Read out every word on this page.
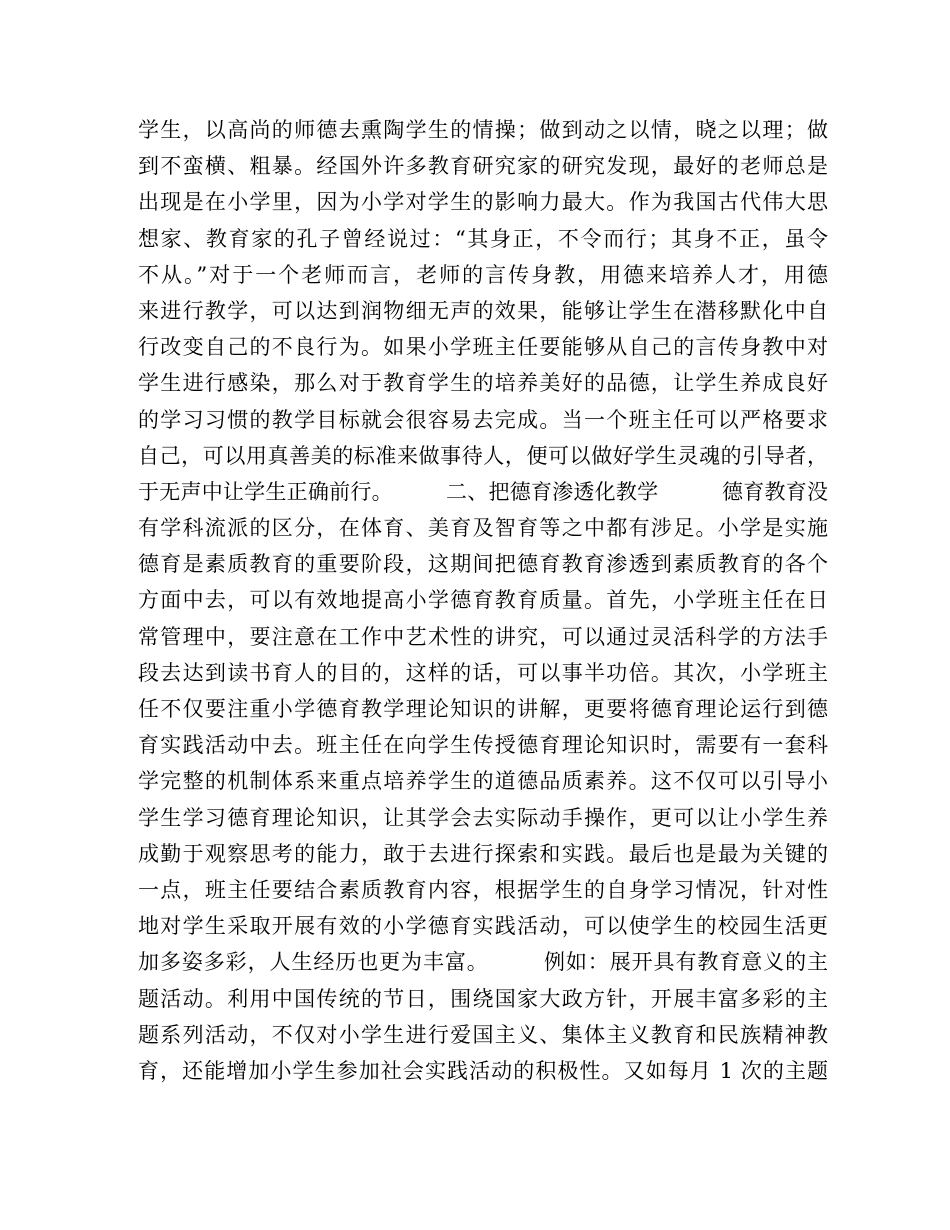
学生，以高尚的师德去熏陶学生的情操；做到动之以情，晓之以理；做
到不蛮横、粗暴。经国外许多教育研究家的研究发现，最好的老师总是
出现是在小学里，因为小学对学生的影响力最大。作为我国古代伟大思
想家、教育家的孔子曾经说过：“其身正，不令而行；其身不正，虽令
不从。”对于一个老师而言，老师的言传身教，用德来培养人才，用德
来进行教学，可以达到润物细无声的效果，能够让学生在潜移默化中自
行改变自己的不良行为。如果小学班主任要能够从自己的言传身教中对
学生进行感染，那么对于教育学生的培养美好的品德，让学生养成良好
的学习习惯的教学目标就会很容易去完成。当一个班主任可以严格要求
自己，可以用真善美的标准来做事待人，便可以做好学生灵魂的引导者，
于无声中让学生正确前行。　　　二、把德育渗透化教学　　　德育教育没
有学科流派的区分，在体育、美育及智育等之中都有涉足。小学是实施
德育是素质教育的重要阶段，这期间把德育教育渗透到素质教育的各个
方面中去，可以有效地提高小学德育教育质量。首先，小学班主任在日
常管理中，要注意在工作中艺术性的讲究，可以通过灵活科学的方法手
段去达到读书育人的目的，这样的话，可以事半功倍。其次，小学班主
任不仅要注重小学德育教学理论知识的讲解，更要将德育理论运行到德
育实践活动中去。班主任在向学生传授德育理论知识时，需要有一套科
学完整的机制体系来重点培养学生的道德品质素养。这不仅可以引导小
学生学习德育理论知识，让其学会去实际动手操作，更可以让小学生养
成勤于观察思考的能力，敢于去进行探索和实践。最后也是最为关键的
一点，班主任要结合素质教育内容，根据学生的自身学习情况，针对性
地对学生采取开展有效的小学德育实践活动，可以使学生的校园生活更
加多姿多彩，人生经历也更为丰富。　　　例如：展开具有教育意义的主
题活动。利用中国传统的节日，围绕国家大政方针，开展丰富多彩的主
题系列活动，不仅对小学生进行爱国主义、集体主义教育和民族精神教
育，还能增加小学生参加社会实践活动的积极性。又如每月 1 次的主题
